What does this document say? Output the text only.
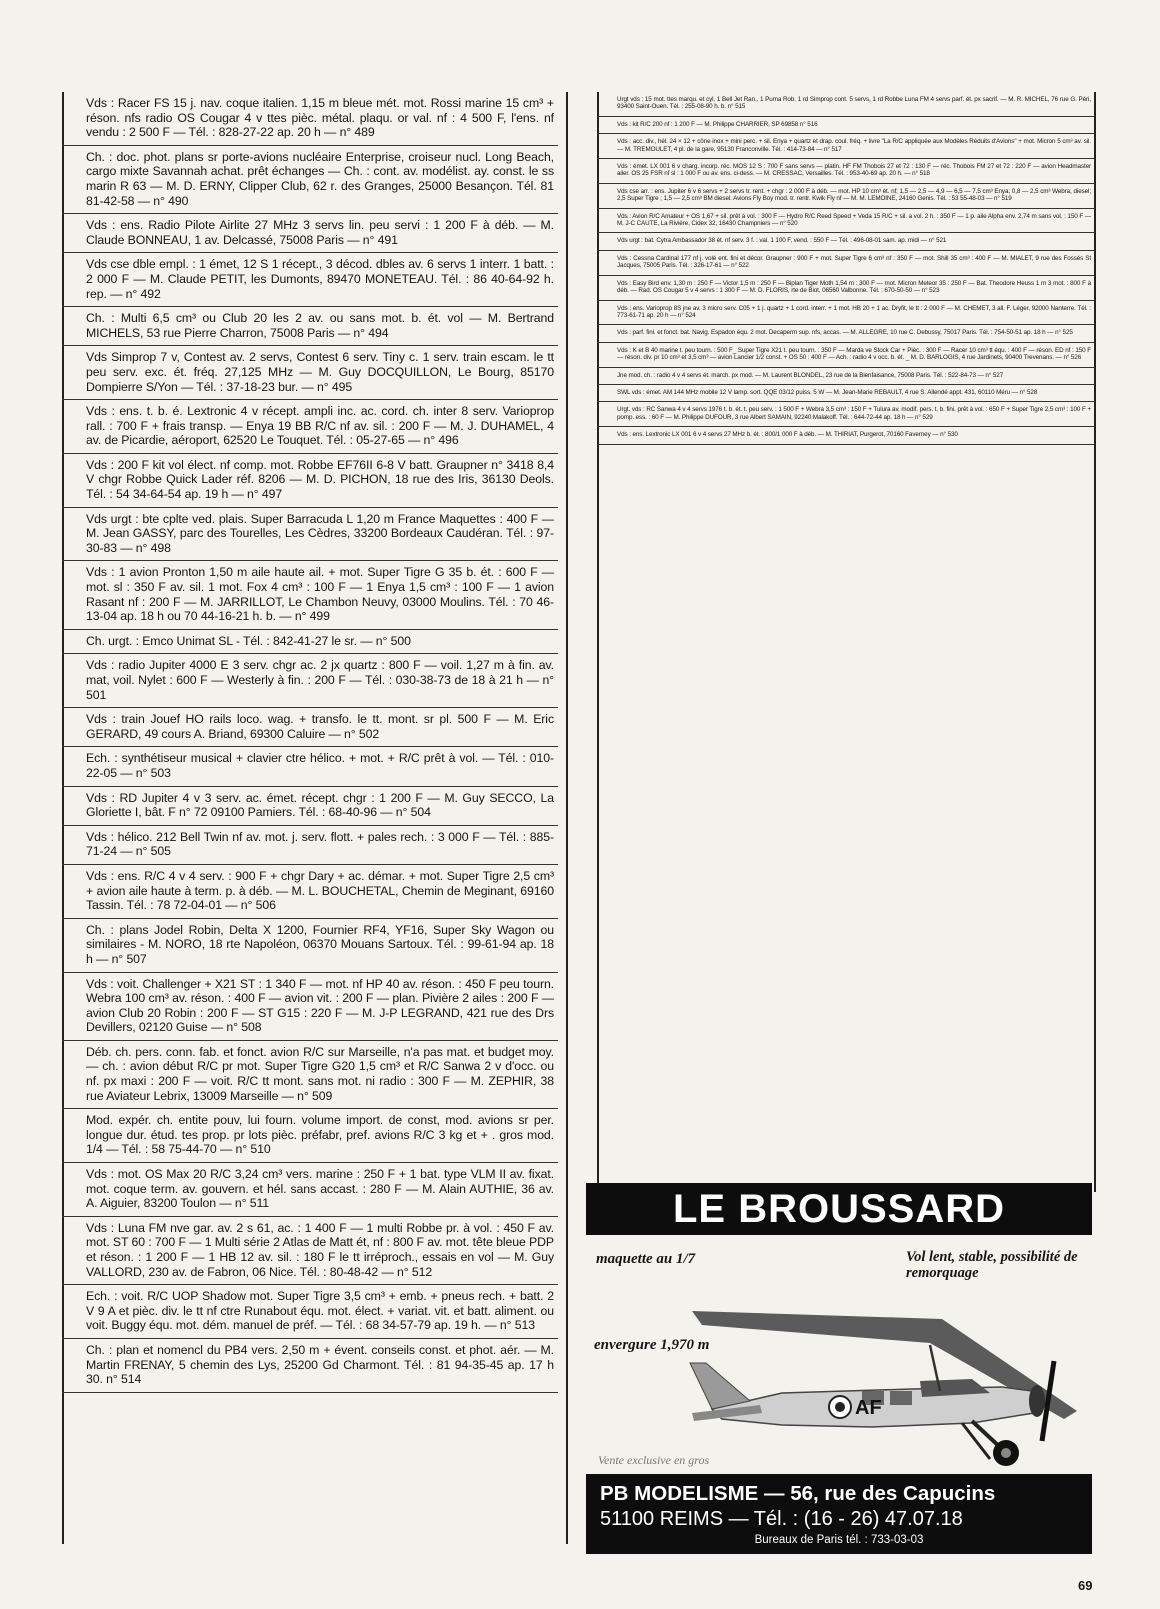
Vds : Racer FS 15 j. nav. coque italien. 1,15 m bleue mét. mot. Rossi marine 15 cm³ + réson. nfs radio OS Cougar 4 v ttes pièc. métal. plaqu. or val. nf : 4 500 F, l'ens. nf vendu : 2 500 F — Tél. : 828-27-22 ap. 20 h — n° 489
Ch. : doc. phot. plans sr porte-avions nucléaire Enterprise, croiseur nucl. Long Beach, cargo mixte Savannah achat. prêt échanges — Ch. : cont. av. modélist. ay. const. le ss marin R 63 — M. D. ERNY, Clipper Club, 62 r. des Granges, 25000 Besançon. Tél. 81 81-42-58 — n° 490
Vds : ens. Radio Pilote Airlite 27 MHz 3 servs lin. peu servi : 1 200 F à déb. — M. Claude BONNEAU, 1 av. Delcassé, 75008 Paris — n° 491
Vds cse dble empl. : 1 émet, 12 S 1 récept., 3 décod. dbles av. 6 servs 1 interr. 1 batt. : 2 000 F — M. Claude PETIT, les Dumonts, 89470 MONETEAU. Tél. : 86 40-64-92 h. rep. — n° 492
Ch. : Multi 6,5 cm³ ou Club 20 les 2 av. ou sans mot. b. ét. vol — M. Bertrand MICHELS, 53 rue Pierre Charron, 75008 Paris — n° 494
Vds Simprop 7 v, Contest av. 2 servs, Contest 6 serv. Tiny c. 1 serv. train escam. le tt peu serv. exc. ét. fréq. 27,125 MHz — M. Guy DOCQUILLON, Le Bourg, 85170 Dompierre S/Yon — Tél. : 37-18-23 bur. — n° 495
Vds : ens. t. b. é. Lextronic 4 v récept. ampli inc. ac. cord. ch. inter 8 serv. Varioprop rall. : 700 F + frais transp. — Enya 19 BB R/C nf av. sil. : 200 F — M. J. DUHAMEL, 4 av. de Picardie, aéroport, 62520 Le Touquet. Tél. : 05-27-65 — n° 496
Vds : 200 F kit vol élect. nf comp. mot. Robbe EF76II 6-8 V batt. Graupner n° 3418 8,4 V chgr Robbe Quick Lader réf. 8206 — M. D. PICHON, 18 rue des Iris, 36130 Deols. Tél. : 54 34-64-54 ap. 19 h — n° 497
Vds urgt : bte cplte ved. plais. Super Barracuda L 1,20 m France Maquettes : 400 F — M. Jean GASSY, parc des Tourelles, Les Cèdres, 33200 Bordeaux Caudéran. Tél. : 97-30-83 — n° 498
Vds : 1 avion Pronton 1,50 m aile haute ail. + mot. Super Tigre G 35 b. ét. : 600 F — mot. sl : 350 F av. sil. 1 mot. Fox 4 cm³ : 100 F — 1 Enya 1,5 cm³ : 100 F — 1 avion Rasant nf : 200 F — M. JARRILLOT, Le Chambon Neuvy, 03000 Moulins. Tél. : 70 46-13-04 ap. 18 h ou 70 44-16-21 h. b. — n° 499
Ch. urgt. : Emco Unimat SL - Tél. : 842-41-27 le sr. — n° 500
Vds : radio Jupiter 4000 E 3 serv. chgr ac. 2 jx quartz : 800 F — voil. 1,27 m à fin. av. mat, voil. Nylet : 600 F — Westerly à fin. : 200 F — Tél. : 030-38-73 de 18 à 21 h — n° 501
Vds : train Jouef HO rails loco. wag. + transfo. le tt. mont. sr pl. 500 F — M. Eric GERARD, 49 cours A. Briand, 69300 Caluire — n° 502
Ech. : synthétiseur musical + clavier ctre hélico. + mot. + R/C prêt à vol. — Tél. : 010-22-05 — n° 503
Vds : RD Jupiter 4 v 3 serv. ac. émet. récept. chgr : 1 200 F — M. Guy SECCO, La Gloriette I, bât. F n° 72 09100 Pamiers. Tél. : 68-40-96 — n° 504
Vds : hélico. 212 Bell Twin nf av. mot. j. serv. flott. + pales rech. : 3 000 F — Tél. : 885-71-24 — n° 505
Vds : ens. R/C 4 v 4 serv. : 900 F + chgr Dary + ac. démar. + mot. Super Tigre 2,5 cm³ + avion aile haute à term. p. à déb. — M. L. BOUCHETAL, Chemin de Meginant, 69160 Tassin. Tél. : 78 72-04-01 — n° 506
Ch. : plans Jodel Robin, Delta X 1200, Fournier RF4, YF16, Super Sky Wagon ou similaires - M. NORO, 18 rte Napoléon, 06370 Mouans Sartoux. Tél. : 99-61-94 ap. 18 h — n° 507
Vds : voit. Challenger + X21 ST : 1 340 F — mot. nf HP 40 av. réson. : 450 F peu tourn. Webra 100 cm³ av. réson. : 400 F — avion vit. : 200 F — plan. Pivière 2 ailes : 200 F — avion Club 20 Robin : 200 F — ST G15 : 220 F — M. J-P LEGRAND, 421 rue des Drs Devillers, 02120 Guise — n° 508
Déb. ch. pers. conn. fab. et fonct. avion R/C sur Marseille, n'a pas mat. et budget moy. — ch. : avion début R/C pr mot. Super Tigre G20 1,5 cm³ et R/C Sanwa 2 v d'occ. ou nf. px maxi : 200 F — voit. R/C tt mont. sans mot. ni radio : 300 F — M. ZEPHIR, 38 rue Aviateur Lebrix, 13009 Marseille — n° 509
Mod. expér. ch. entite pouv, lui fourn. volume import. de const, mod. avions sr per. longue dur. étud. tes prop. pr lots pièc. préfabr, pref. avions R/C 3 kg et + . gros mod. 1/4 — Tél. : 58 75-44-70 — n° 510
Vds : mot. OS Max 20 R/C 3,24 cm³ vers. marine : 250 F + 1 bat. type VLM II av. fixat. mot. coque term. av. gouvern. et hél. sans accast. : 280 F — M. Alain AUTHIE, 36 av. A. Aiguier, 83200 Toulon — n° 511
Vds : Luna FM nve gar. av. 2 s 61, ac. : 1 400 F — 1 multi Robbe pr. à vol. : 450 F av. mot. ST 60 : 700 F — 1 Multi série 2 Atlas de Matt ét, nf : 800 F av. mot. tête bleue PDP et réson. : 1 200 F — 1 HB 12 av. sil. : 180 F le tt irréproch., essais en vol — M. Guy VALLORD, 230 av. de Fabron, 06 Nice. Tél. : 80-48-42 — n° 512
Ech. : voit. R/C UOP Shadow mot. Super Tigre 3,5 cm³ + emb. + pneus rech. + batt. 2 V 9 A et pièc. div. le tt nf ctre Runabout équ. mot. élect. + variat. vit. et batt. aliment. ou voit. Buggy équ. mot. dém. manuel de préf. — Tél. : 68 34-57-79 ap. 19 h. — n° 513
Ch. : plan et nomencl du PB4 vers. 2,50 m + évent. conseils const. et phot. aér. — M. Martin FRENAY, 5 chemin des Lys, 25200 Gd Charmont. Tél. : 81 94-35-45 ap. 17 h 30. n° 514
Urgt vds : 15 mot. ttes marqu. et cyl. 1 Bell Jet Ran., 1 Puma Rob. 1 rd Simprop cont. 5 servs, 1 rd Robbe Luna FM 4 servs parf. ét. px sacrif. — M. R. MICHEL, 76 rue G. Péri, 93400 Saint-Ouen. Tél. : 255-08-90 h. b. n° 515
Vds : kit R/C 200 nf : 1 200 F — M. Philippe CHARRIER, SP 69858 n° 516
Vds : acc. div., hél. 24 × 12 + cône inox + mini perc. + sil. Enya + quartz et drap. coul. fréq. + livre "La R/C appliquée aux Modèles Réduits d'Avions" + mot. Micron 5 cm³ av. sil. — M. TREMOULET, 4 pl. de la gare, 95130 Franconville. Tél. : 414-73-84 — n° 517
Vds : émet. LX 001 6 v charg. incorp. réc. MOS 12 S : 700 F sans servs — platin. HF FM Thobois 27 et 72 : 130 F — réc. Thobois FM 27 et 72 : 220 F — avion Headmaster ailer. OS 25 FSR nf sl : 1 000 F ou av. ens. ci-dess. — M. CRESSAC, Versailles. Tél. : 953-40-69 ap. 20 h. — n° 518
Vds cse arr. : ens. Jupiter 6 v 6 servs + 2 servs tr. rent. + chgr : 2 000 F à déb. — mot. HP 10 cm³ ét. nf; 1,5 — 2,5 — 4,9 — 6,5 — 7,5 cm³ Enya; 0,8 — 2,5 cm³ Webra, diesel; 2,5 Super Tigre ; 1,5 — 2,5 cm³ BM diesel. Avions Fly Boy mod. tr. rentr. Kwik Fly nf — M. M. LEMOINE, 24160 Genis. Tél. : 53 55-48-03 — n° 519
Vds : Avion R/C Amateur + OS 1,67 + sil. prêt à vol. : 300 F — Hydro R/C Reed Speed + Veda 15 R/C + sil. a vol. 2 h. : 350 F — 1 p. aile Alpha env. 2,74 m sans vol. : 150 F — M. J-C CAUTE, La Rivière, Cidex 32, 16430 Champniers — n° 520
Vds urgt : bat. Cytra Ambassador 38 ét. nf serv. 3 f. : val. 1 100 F, vend. : 550 F — Tél. : 496-08-01 sam. ap. midi — n° 521
Vds : Cessna Cardinal 177 nf j. volé ent. fini et décor. Graupner : 900 F + mot. Super Tigre 6 cm³ nf : 350 F — mot. Shill 35 cm³ : 400 F — M. MIALET, 9 rue des Fossés St Jacques, 75005 Paris. Tél. : 326-17-61 — n° 522
Vds : Easy Bird env. 1,30 m : 250 F — Victor 1,5 m : 250 F — Biplan Tiger Moth 1,54 m : 300 F — mot. Micron Meteor 35 : 250 F — Bat. Theodore Heuss 1 m 3 mot. : 800 F à déb. — Rad. OS Cougar 5 v 4 servs : 1 300 F — M. D. FLORIS, rte de Biot, 06560 Valbonne. Tél. : 670-50-50 — n° 523
Vds : ens. Varioprop 8S jne av. 3 micro serv. C05 + 1 j. quartz + 1 cord. interr. + 1 mot. HB 20 + 1 ac. Dryfit, le tt : 2 000 F — M. CHEMET, 3 all. F. Léger, 92000 Nanterre. Tél. : 773-61-71 ap. 20 h — n° 524
Vds : parf. fini. et fonct. bat. Navig. Espadon équ. 2 mot. Decaperm sup. nfs, accas. — M. ALLEGRE, 10 rue C. Debussy, 75017 Paris. Tél. : 754-50-51 ap. 18 h — n° 525
Vds : K et B 40 marine t. peu tourn. : 500 F_ Super Tigre X21 t. peu tourn. : 350 F — Marda ve Stock Car + Pièc. : 300 F — Racer 10 cm³ tt équ. : 400 F — réson. ED nf : 150 F — réson. div. pr 10 cm³ et 3,5 cm³ — avion Lancier 1/2 const. + OS 50 : 400 F — Ach. : radio 4 v occ. b. ét. _ M. D. BARLOGIS, 4 rue Jardinets, 90400 Trevenans. — n° 526
Jne mod. ch. : radio 4 v 4 servs ét. march. px mod. — M. Laurent BLONDEL, 23 rue de la Bienfaisance, 75008 Paris. Tél. : 522-84-73 — n° 527
SWL vds : émet. AM 144 MHz mobile 12 V lamp. sort. QQE 03/12 puiss. 5 W — M. Jean-Marie REBAULT, 4 rue S. Allendé appt. 431, 60110 Méru — n° 528
Urgt. vds : RC Sanwa 4 v 4 servs 1976 t. b. ét. t. peu serv. : 1 500 F + Webra 3,5 cm³ : 150 F + Tulura av. modif. pers. t. b. fini. prêt à vol. : 650 F + Super Tigre 2,5 cm³ : 100 F + pomp. ess. : 60 F — M. Philippe DUFOUR, 3 rue Albert SAMAIN, 92240 Malakoff. Tél. : 644-72-44 ap. 18 h — n° 529
Vds : ens. Lextronic LX 001 6 v 4 servs 27 MHz b. ét. : 800/1 000 F à déb. — M. THIRIAT, Purgerot, 70160 Faverney — n° 530
LE BROUSSARD
maquette au 1/7	Vol lent, stable, possibilité de remorquage
envergure 1,970 m
AF
Vente exclusive en gros
PB MODELISME — 56, rue des Capucins
51100 REIMS — Tél. : (16 - 26) 47.07.18
Bureaux de Paris tél. : 733-03-03
69
